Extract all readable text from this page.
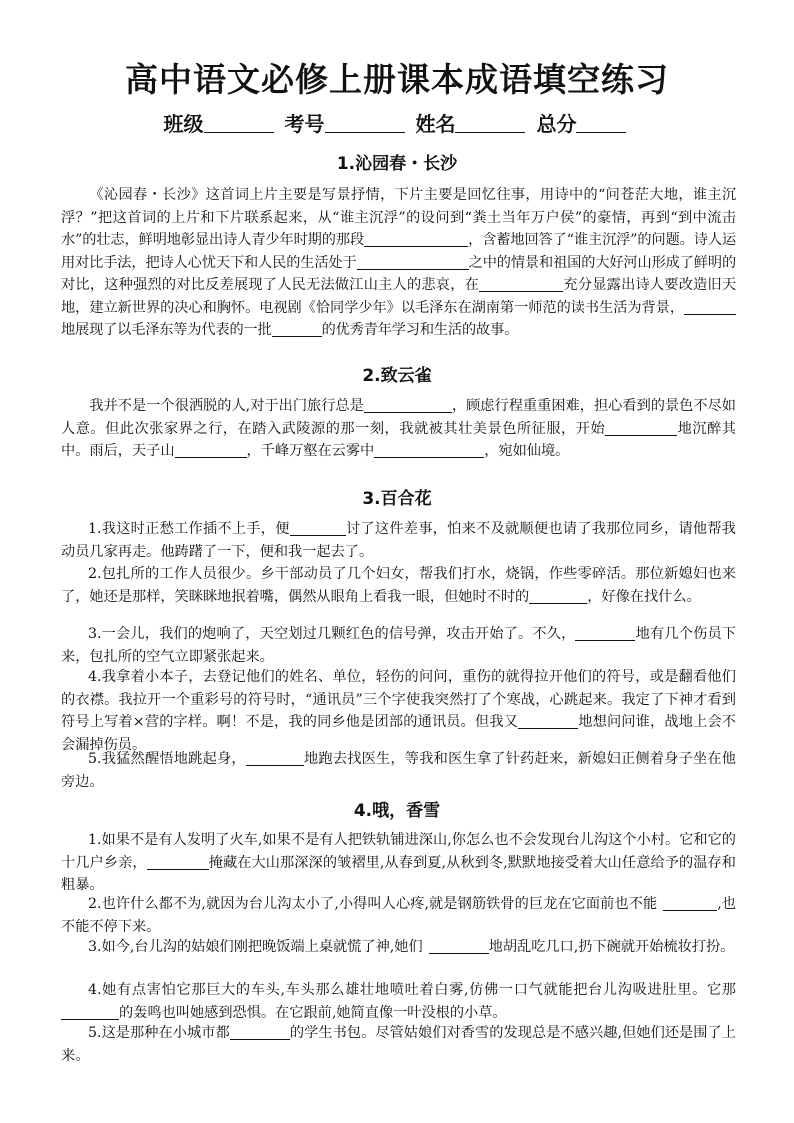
高中语文必修上册课本成语填空练习
班级	考号	姓名	总分
1.沁园春・长沙

《沁园春・长沙》这首词上片主要是写景抒情，下片主要是回忆往事，用诗中的“问苍茫大地，谁主沉浮？”把这首词的上片和下片联系起来，从“谁主沉浮”的设问到“粪土当年万户侯”的豪情，再到“到中流击水”的壮志，鲜明地彰显出诗人青少年时期的那段	，含蓄地回答了“谁主沉浮”的问题。诗人运用对比手法，把诗人心忧天下和人民的生活处于	之中的情景和祖国的大好河山形成了鲜明的对比，这种强烈的对比反差展现了人民无法做江山主人的悲哀，在	充分显露出诗人要改造旧天地，建立新世界的决心和胸怀。电视剧《恰同学少年》以毛泽东在湖南第一师范的读书生活为背景，地展现了以毛泽东等为代表的一批	的优秀青年学习和生活的故事。

2.致云雀

我并不是一个很洒脱的人,对于出门旅行总是	，顾虑行程重重困难，担心看到的景色不尽如人意。但此次张家界之行，在踏入武陵源的那一刻，我就被其壮美景色所征服，开始	地沉醉其中。雨后，天子山	，千峰万壑在云雾中	，宛如仙境。

3.百合花

1.我这时正愁工作插不上手，便	讨了这件差事，怕来不及就顺便也请了我那位同乡，请他帮我动员几家再走。他踌躇了一下，便和我一起去了。

2.包扎所的工作人员很少。乡干部动员了几个妇女，帮我们打水，烧锅，作些零碎活。那位新媳妇也来了，她还是那样，笑眯眯地抿着嘴，偶然从眼角上看我一眼，但她时不时的	，好像在找什么。

3.一会儿，我们的炮响了，天空划过几颗红色的信号弹，攻击开始了。不久，	地有几个伤员下来，包扎所的空气立即紧张起来。

4.我拿着小本子，去登记他们的姓名、单位，轻伤的问问，重伤的就得拉开他们的符号，或是翻看他们的衣襟。我拉开一个重彩号的符号时，“通讯员”三个字使我突然打了个寒战，心跳起来。我定了下神才看到符号上写着×营的字样。啊！不是，我的同乡他是团部的通讯员。但我又	地想问问谁，战地上会不会漏掉伤员。

5.我猛然醒悟地跳起身，	地跑去找医生，等我和医生拿了针药赶来，新媳妇正侧着身子坐在他旁边。

4.哦，香雪

1.如果不是有人发明了火车,如果不是有人把铁轨铺进深山,你怎么也不会发现台儿沟这个小村。它和它的十几户乡亲，	掩藏在大山那深深的皱褶里,从春到夏,从秋到冬,默默地接受着大山任意给予的温存和粗暴。

2.也许什么都不为,就因为台儿沟太小了,小得叫人心疼,就是钢筋铁骨的巨龙在它面前也不能	,也不能不停下来。

3.如今,台儿沟的姑娘们刚把晚饭端上桌就慌了神,她们	地胡乱吃几口,扔下碗就开始梳妆打扮。

4.她有点害怕它那巨大的车头,车头那么雄壮地喷吐着白雾,仿佛一口气就能把台儿沟吸进肚里。它那的轰鸣也叫她感到恐惧。在它跟前,她简直像一叶没根的小草。

5.这是那种在小城市都	的学生书包。尽管姑娘们对香雪的发现总是不感兴趣,但她们还是围了上来。
